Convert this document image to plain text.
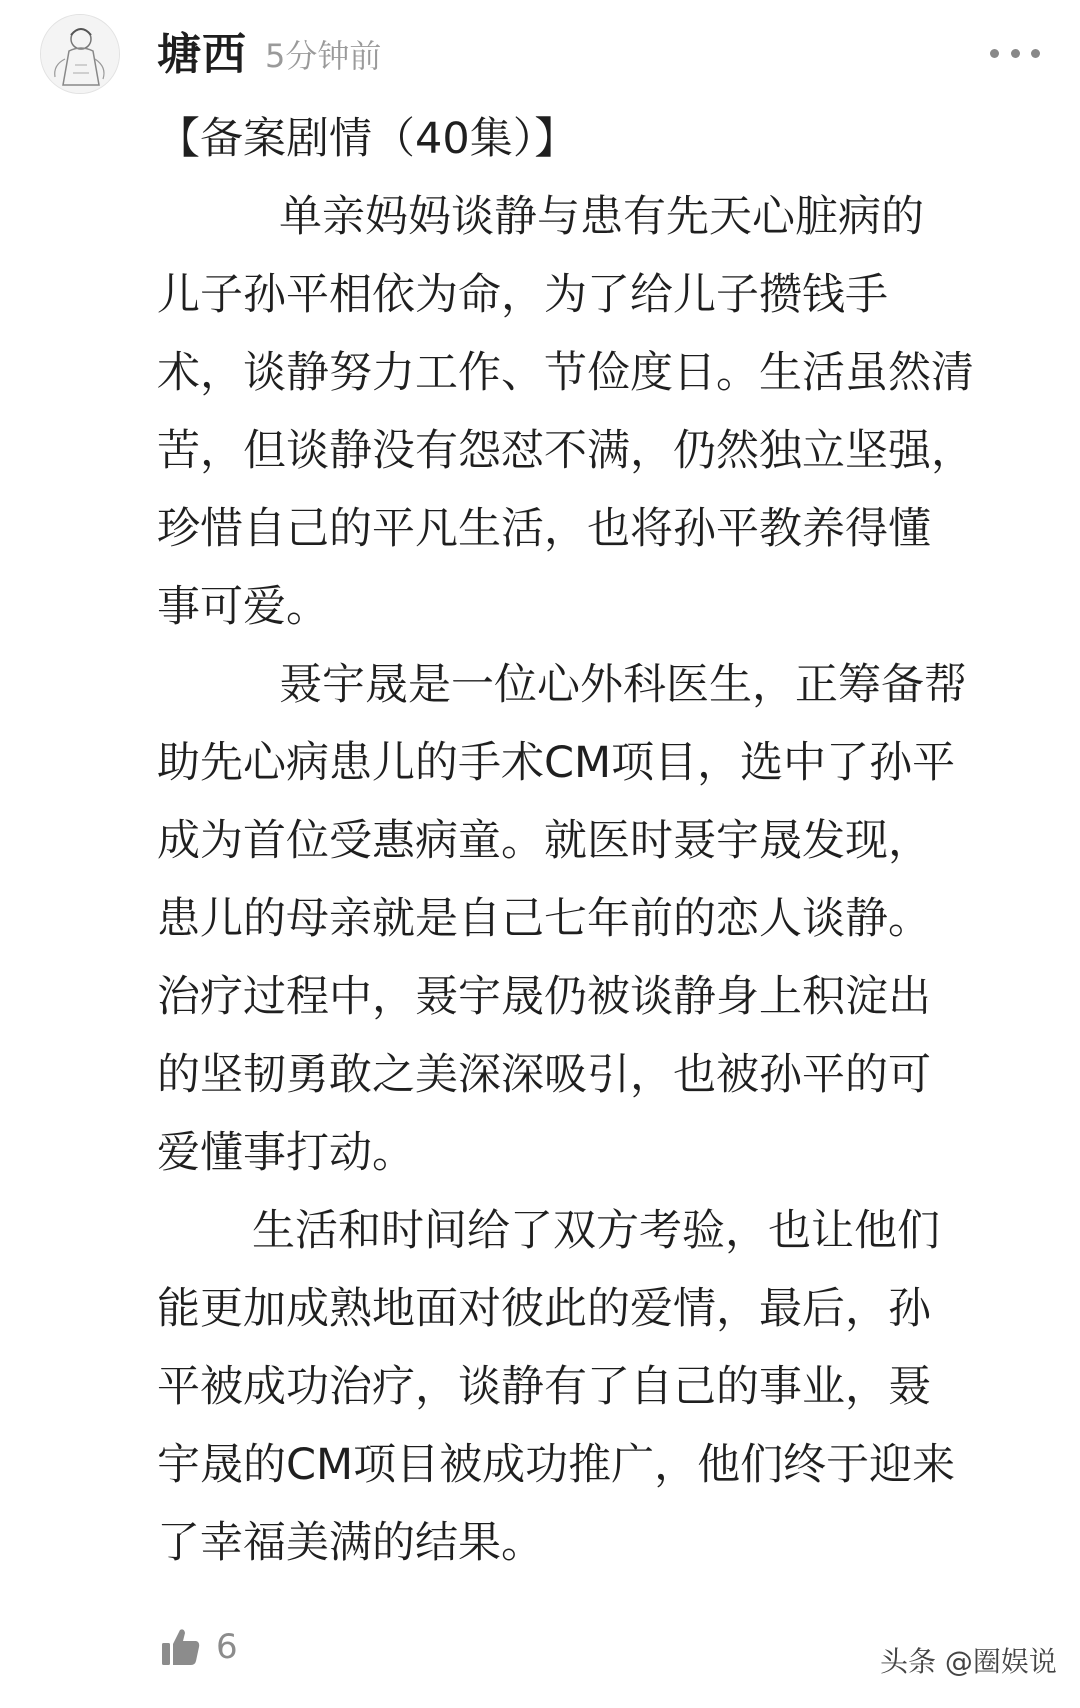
塘西 5分钟前
【备案剧情（40集）】
单亲妈妈谈静与患有先天心脏病的
儿子孙平相依为命，为了给儿子攒钱手
术，谈静努力工作、节俭度日。生活虽然清
苦，但谈静没有怨怼不满，仍然独立坚强，
珍惜自己的平凡生活，也将孙平教养得懂
事可爱。
聂宇晟是一位心外科医生，正筹备帮
助先心病患儿的手术CM项目，选中了孙平
成为首位受惠病童。就医时聂宇晟发现，
患儿的母亲就是自己七年前的恋人谈静。
治疗过程中，聂宇晟仍被谈静身上积淀出
的坚韧勇敢之美深深吸引，也被孙平的可
爱懂事打动。
生活和时间给了双方考验，也让他们
能更加成熟地面对彼此的爱情，最后，孙
平被成功治疗，谈静有了自己的事业，聂
宇晟的CM项目被成功推广，他们终于迎来
了幸福美满的结果。
6	头条 @圈娱说
